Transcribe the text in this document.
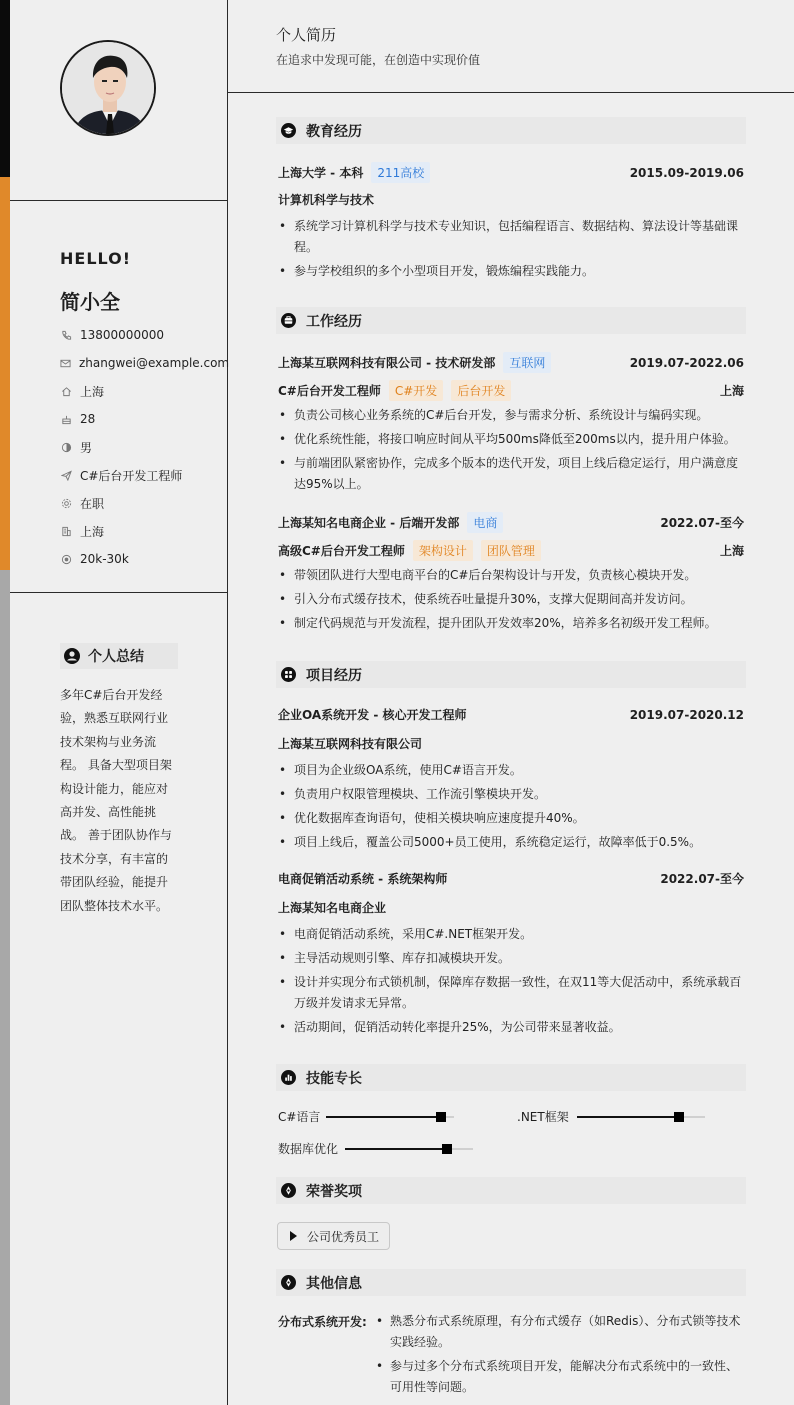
HELLO!
简小全
13800000000
zhangwei@example.com
上海
28
男
C#后台开发工程师
在职
上海
20k-30k
个人总结
多年C#后台开发经验，熟悉互联网行业技术架构与业务流程。 具备大型项目架构设计能力，能应对高并发、高性能挑战。 善于团队协作与技术分享，有丰富的带团队经验，能提升团队整体技术水平。
个人简历
在追求中发现可能，在创造中实现价值
教育经历
上海大学 - 本科	211高校	2015.09-2019.06
计算机科学与技术
• 系统学习计算机科学与技术专业知识，包括编程语言、数据结构、算法设计等基础课程。
• 参与学校组织的多个小型项目开发，锻炼编程实践能力。
工作经历
上海某互联网科技有限公司 - 技术研发部	互联网	2019.07-2022.06
C#后台开发工程师	C#开发	后台开发	上海
• 负责公司核心业务系统的C#后台开发，参与需求分析、系统设计与编码实现。
• 优化系统性能，将接口响应时间从平均500ms降低至200ms以内，提升用户体验。
• 与前端团队紧密协作，完成多个版本的迭代开发，项目上线后稳定运行，用户满意度达95%以上。
上海某知名电商企业 - 后端开发部	电商	2022.07-至今
高级C#后台开发工程师	架构设计	团队管理	上海
• 带领团队进行大型电商平台的C#后台架构设计与开发，负责核心模块开发。
• 引入分布式缓存技术，使系统吞吐量提升30%，支撑大促期间高并发访问。
• 制定代码规范与开发流程，提升团队开发效率20%，培养多名初级开发工程师。
项目经历
企业OA系统开发 - 核心开发工程师	2019.07-2020.12
上海某互联网科技有限公司
• 项目为企业级OA系统，使用C#语言开发。
• 负责用户权限管理模块、工作流引擎模块开发。
• 优化数据库查询语句，使相关模块响应速度提升40%。
• 项目上线后，覆盖公司5000+员工使用，系统稳定运行，故障率低于0.5%。
电商促销活动系统 - 系统架构师	2022.07-至今
上海某知名电商企业
• 电商促销活动系统，采用C#.NET框架开发。
• 主导活动规则引擎、库存扣减模块开发。
• 设计并实现分布式锁机制，保障库存数据一致性，在双11等大促活动中，系统承载百万级并发请求无异常。
• 活动期间，促销活动转化率提升25%，为公司带来显著收益。
技能专长
C#语言	.NET框架
数据库优化
荣誉奖项
公司优秀员工
其他信息
分布式系统开发:
•	熟悉分布式系统原理，有分布式缓存（如Redis）、分布式锁等技术实践经验。
• 参与过多个分布式系统项目开发，能解决分布式系统中的一致性、可用性等问题。
